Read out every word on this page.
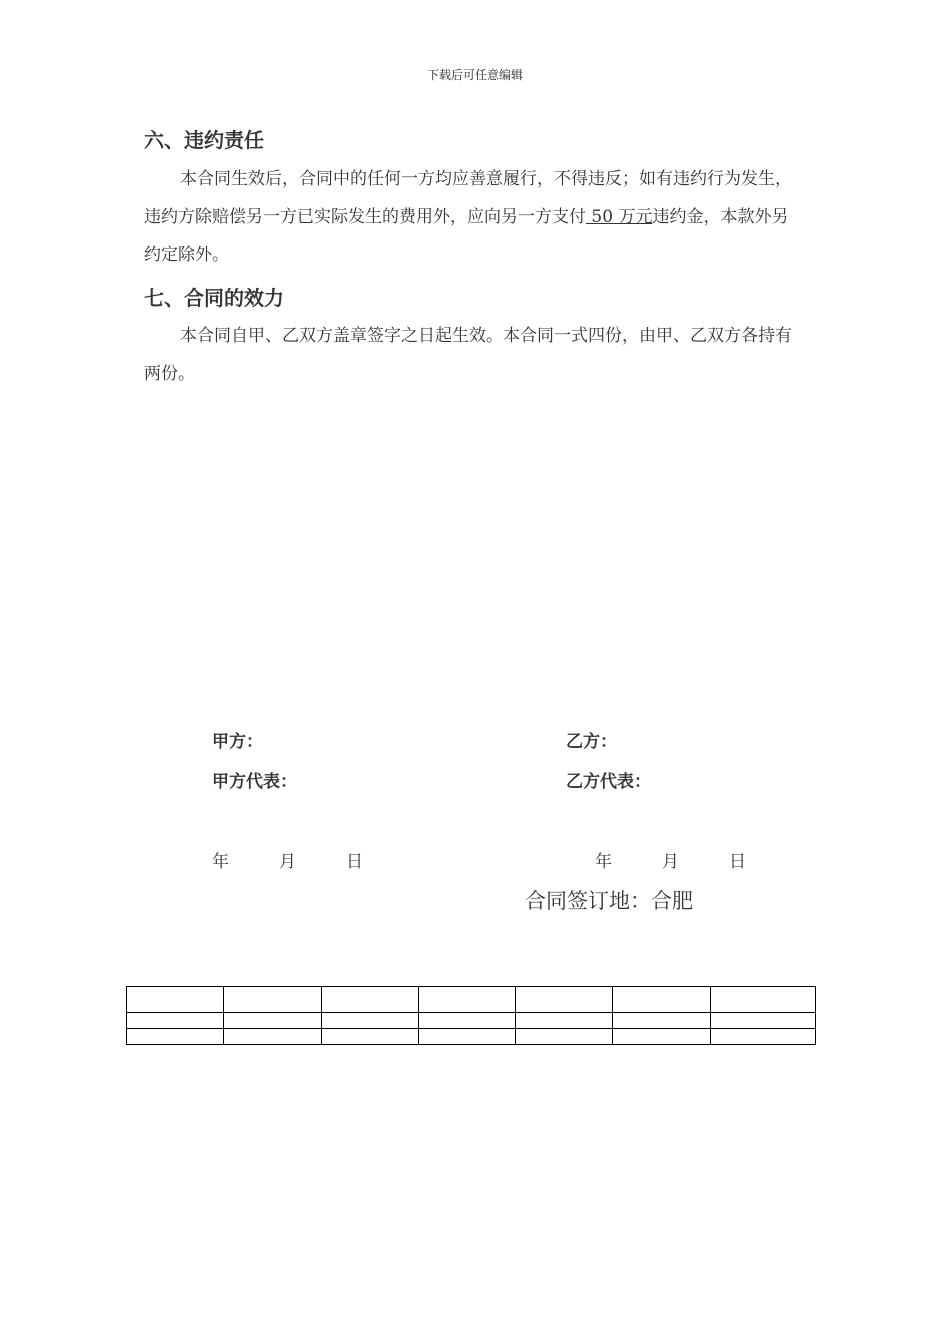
下载后可任意编辑
六、违约责任
本合同生效后，合同中的任何一方均应善意履行，不得违反；如有违约行为发生，违约方除赔偿另一方已实际发生的费用外，应向另一方支付 50 万元违约金，本款外另约定除外。
七、合同的效力
本合同自甲、乙双方盖章签字之日起生效。本合同一式四份，由甲、乙双方各持有两份。
甲方：	乙方：
甲方代表：	乙方代表：
年	月	日	年	月	日
合同签订地：合肥
